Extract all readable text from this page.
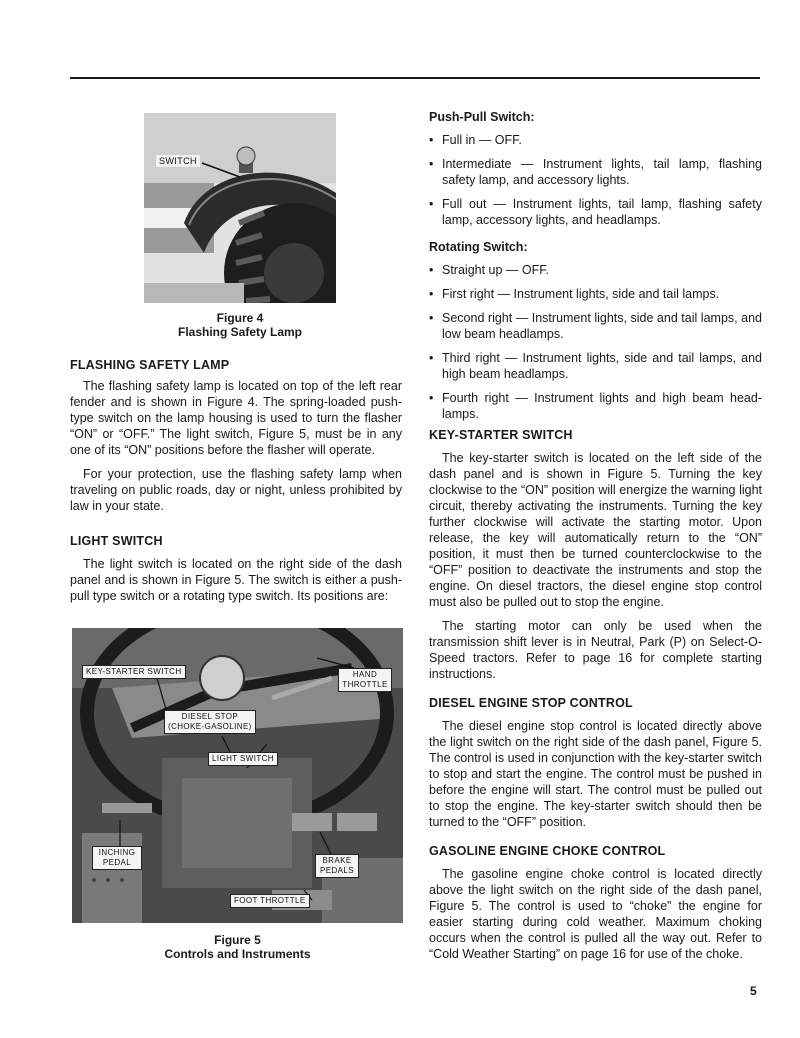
SWITCH
Figure 4
Flashing Safety Lamp
FLASHING SAFETY LAMP

The flashing safety lamp is located on top of the left rear fender and is shown in Figure 4. The spring-loaded push-type switch on the lamp housing is used to turn the flasher “ON” or “OFF.” The light switch, Figure 5, must be in any one of its “ON” positions before the flasher will operate.

For your protection, use the flashing safety lamp when traveling on public roads, day or night, unless prohibited by law in your state.

LIGHT SWITCH

The light switch is located on the right side of the dash panel and is shown in Figure 5. The switch is either a push-pull type switch or a rotating type switch. Its positions are:

KEY-STARTER SWITCH	HAND THROTTLE
DIESEL STOP
(CHOKE-GASOLINE)
LIGHT SWITCH
INCHING PEDAL	BRAKE PEDALS
FOOT THROTTLE
Figure 5
Controls and Instruments
Push-Pull Switch:
• Full in — OFF.
• Intermediate — Instrument lights, tail lamp, flashing safety lamp, and accessory lights.
• Full out — Instrument lights, tail lamp, flashing safety lamp, accessory lights, and headlamps.
Rotating Switch:
• Straight up — OFF.
• First right — Instrument lights, side and tail lamps.
• Second right — Instrument lights, side and tail lamps, and low beam headlamps.
• Third right — Instrument lights, side and tail lamps, and high beam headlamps.
• Fourth right — Instrument lights and high beam head-lamps.
KEY-STARTER SWITCH

The key-starter switch is located on the left side of the dash panel and is shown in Figure 5. Turning the key clockwise to the “ON” position will energize the warning light circuit, thereby activating the instruments. Turning the key further clockwise will activate the starting motor. Upon release, the key will automatically return to the “ON” position, it must then be turned counterclockwise to the “OFF” position to deactivate the instruments and stop the engine. On diesel tractors, the diesel engine stop control must also be pulled out to stop the engine.

The starting motor can only be used when the transmission shift lever is in Neutral, Park (P) on Select-O-Speed tractors. Refer to page 16 for complete starting instructions.

DIESEL ENGINE STOP CONTROL

The diesel engine stop control is located directly above the light switch on the right side of the dash panel, Figure 5. The control is used in conjunction with the key-starter switch to stop and start the engine. The control must be pushed in before the engine will start. The control must be pulled out to stop the engine. The key-starter switch should then be turned to the “OFF” position.

GASOLINE ENGINE CHOKE CONTROL

The gasoline engine choke control is located directly above the light switch on the right side of the dash panel, Figure 5. The control is used to “choke” the engine for easier starting during cold weather. Maximum choking occurs when the control is pulled all the way out. Refer to “Cold Weather Starting” on page 16 for use of the choke.

5
